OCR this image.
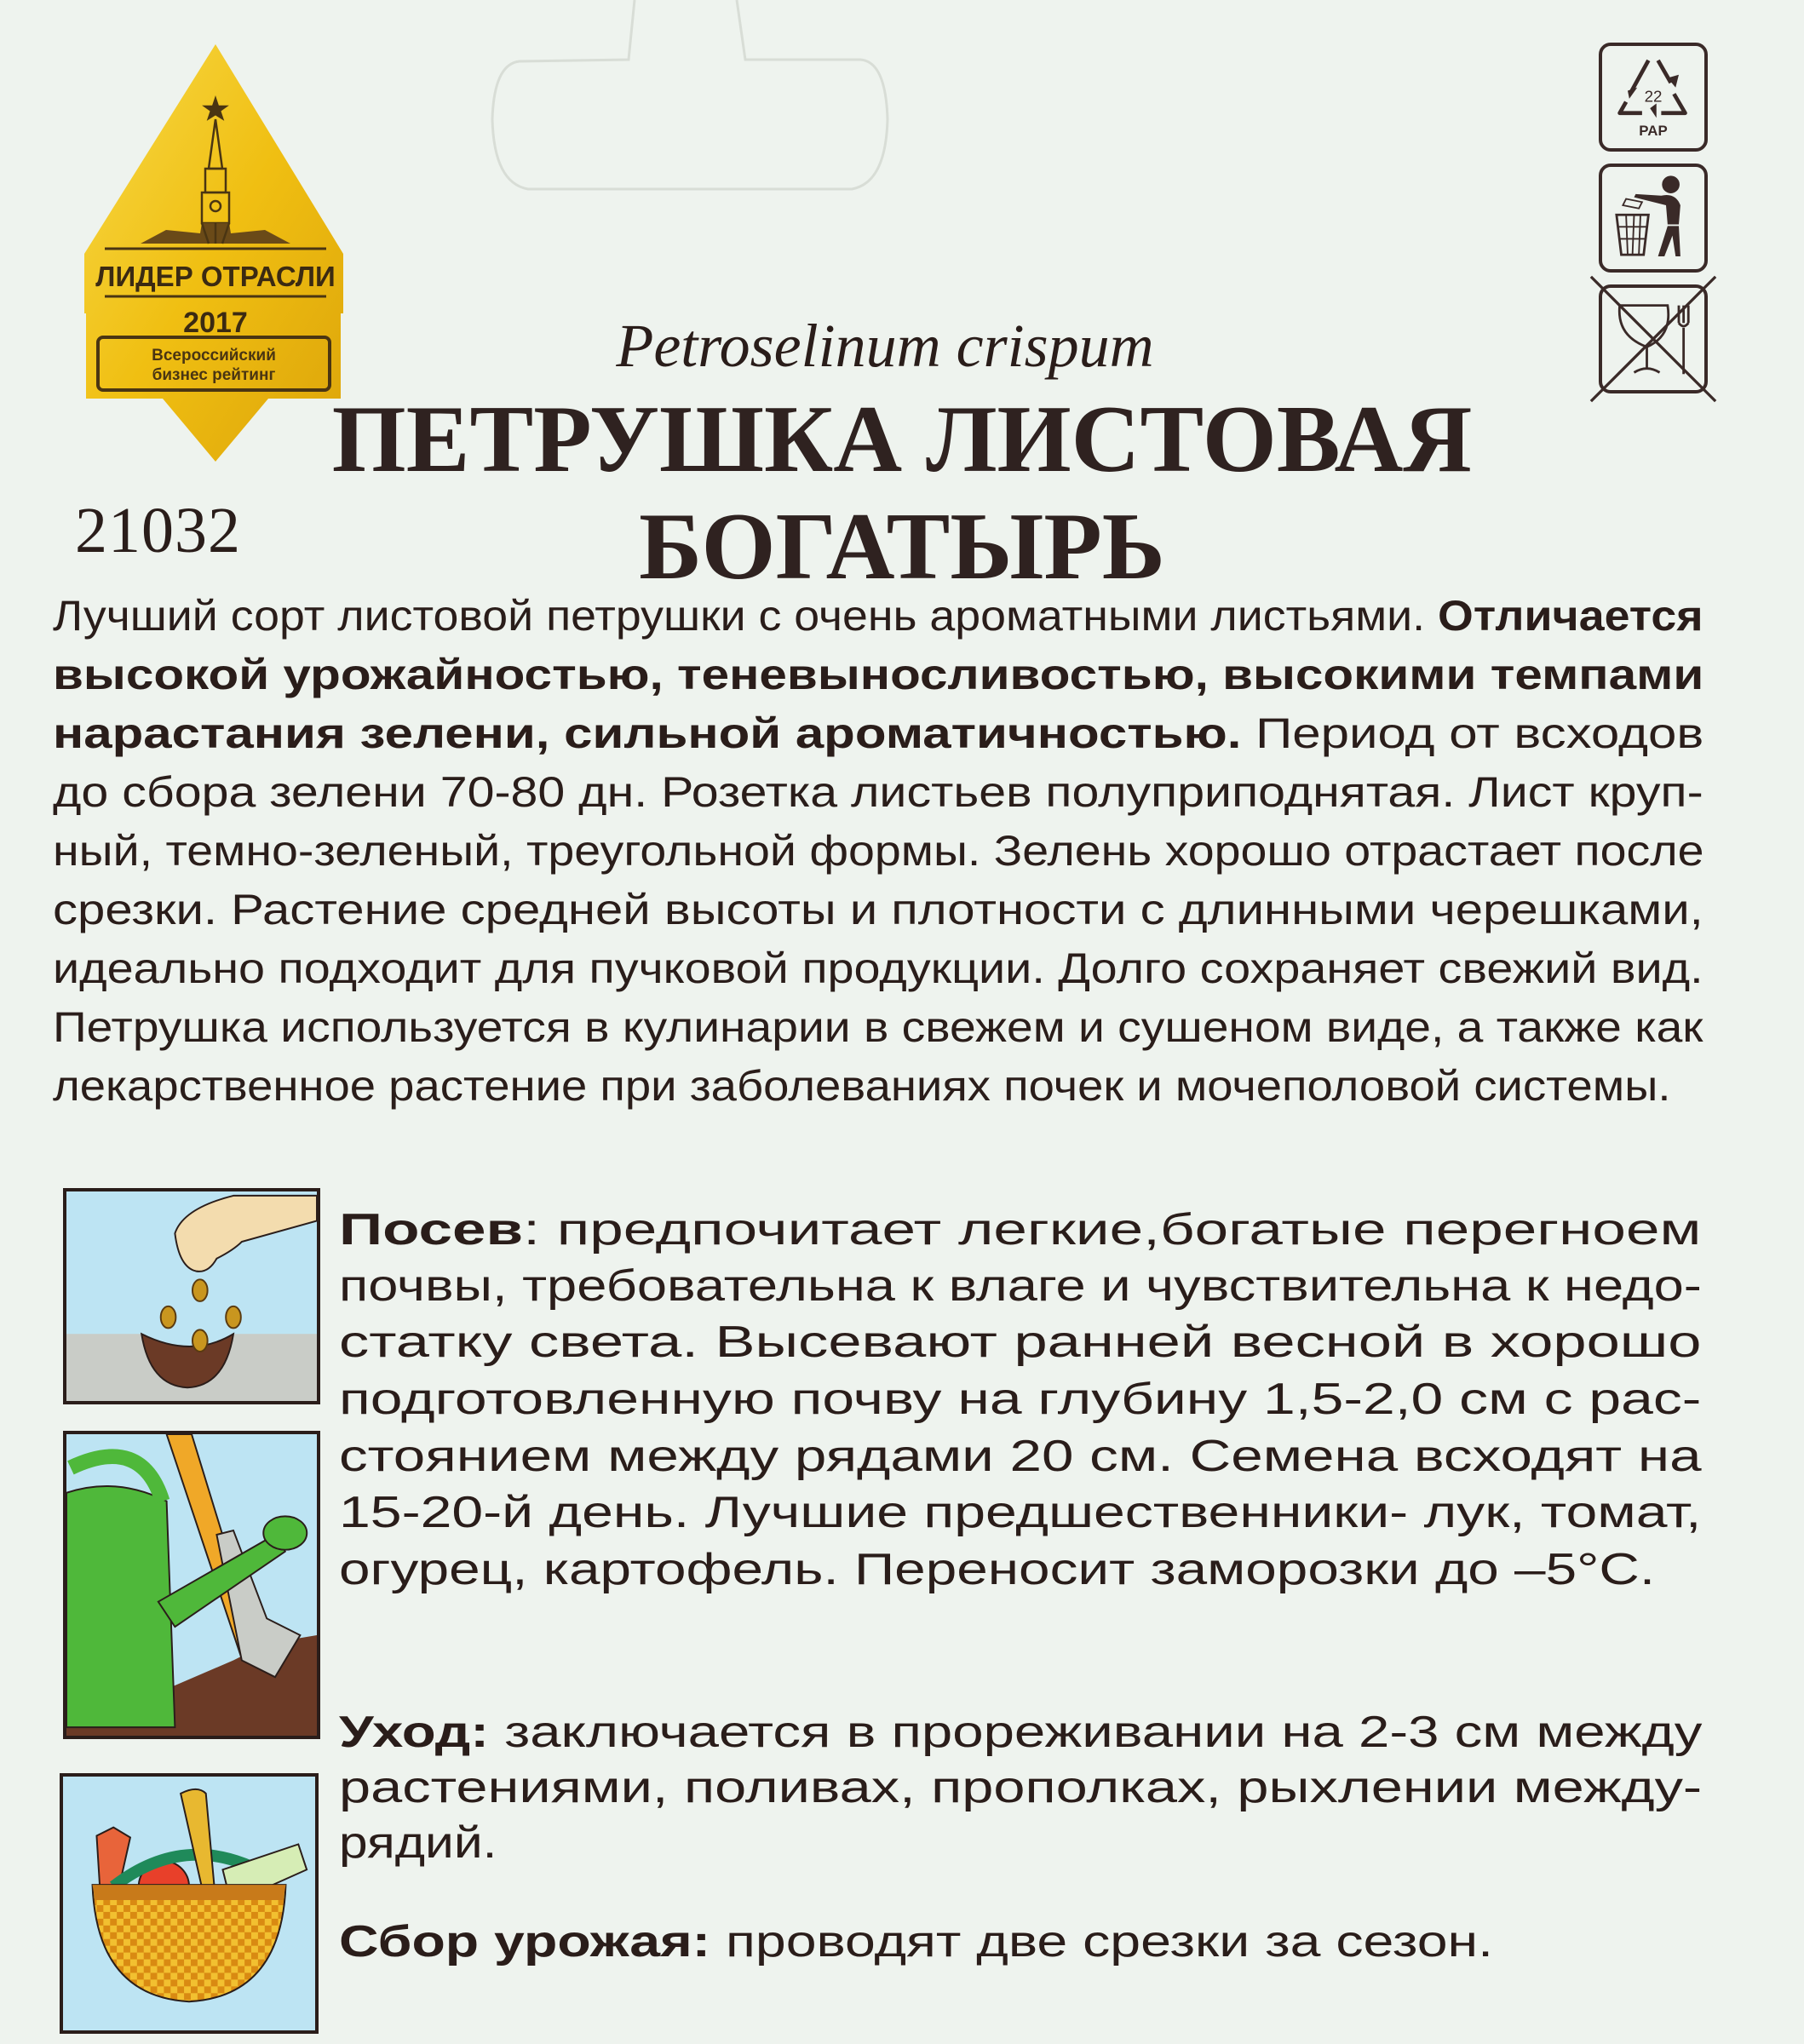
ЛИДЕР ОТРАСЛИ
2017
Всероссийский
бизнес рейтинг
22
PAP
21032
Petroselinum crispum
ПЕТРУШКА ЛИСТОВАЯ
БОГАТЫРЬ
Лучший сорт листовой петрушки с очень ароматными листьями. Отличается
высокой урожайностью, теневыносливостью, высокими темпами
нарастания зелени, сильной ароматичностью. Период от всходов
до сбора зелени 70-80 дн. Розетка листьев полуприподнятая. Лист круп-
ный, темно-зеленый, треугольной формы. Зелень хорошо отрастает после
срезки. Растение средней высоты и плотности с длинными черешками,
идеально подходит для пучковой продукции. Долго сохраняет свежий вид.
Петрушка используется в кулинарии в свежем и сушеном виде, а также как
лекарственное растение при заболеваниях почек и мочеполовой системы.
Посев: предпочитает легкие,богатые перегноем
почвы, требовательна к влаге и чувствительна к недо-
статку света. Высевают ранней весной в хорошо
подготовленную почву на глубину 1,5-2,0 см с рас-
стоянием между рядами 20 см. Семена всходят на
15-20-й день. Лучшие предшественники- лук, томат,
огурец, картофель. Переносит заморозки до –5°С.
Уход: заключается в прореживании на 2-3 см между
растениями, поливах, прополках, рыхлении между-
рядий.
Сбор урожая: проводят две срезки за сезон.
